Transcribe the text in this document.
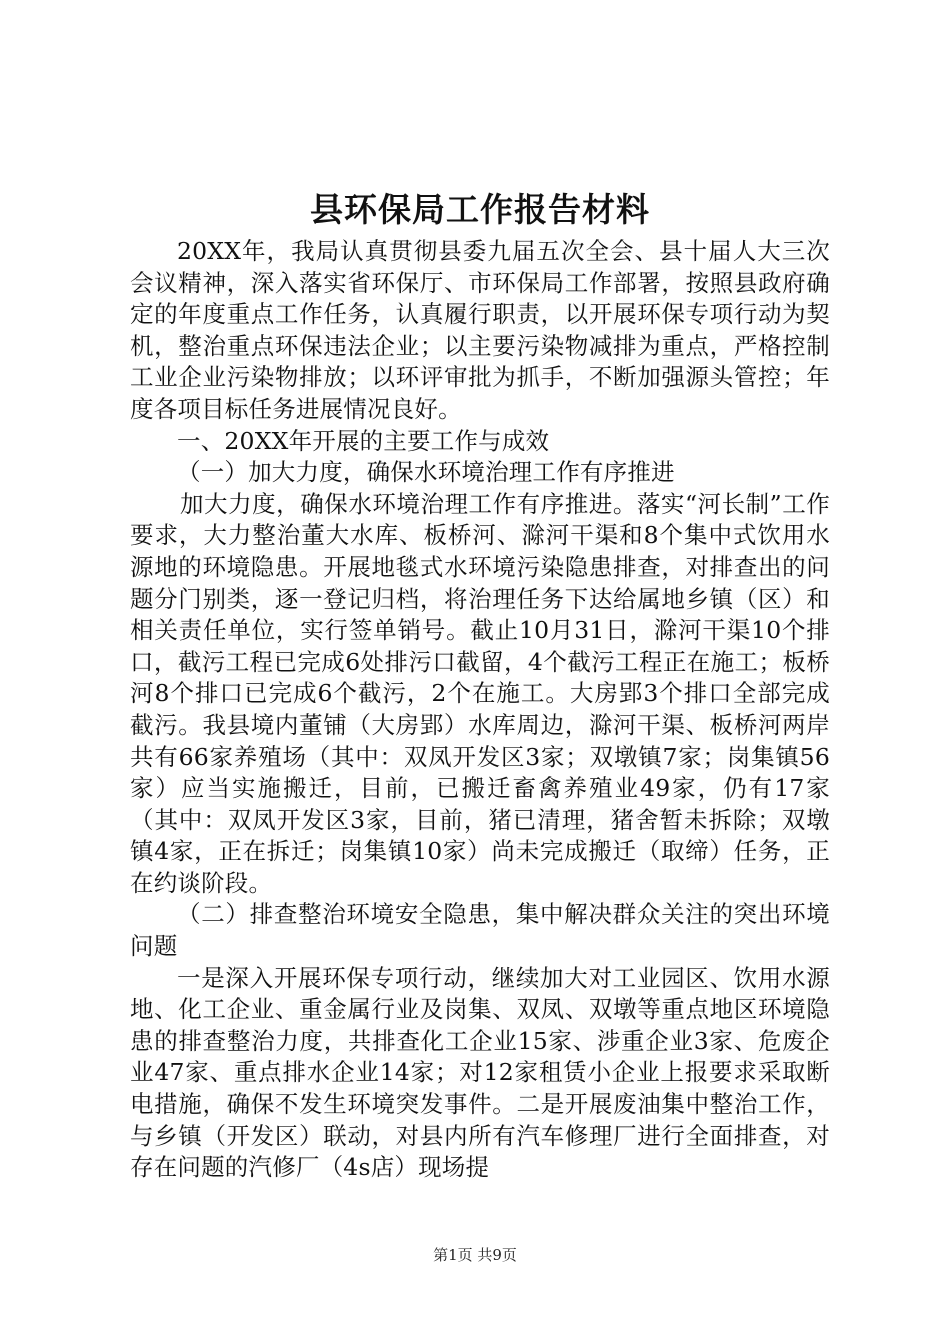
县环保局工作报告材料

20XX年，我局认真贯彻县委九届五次全会、县十届人大三次会议精神，深入落实省环保厅、市环保局工作部署，按照县政府确定的年度重点工作任务，认真履行职责，以开展环保专项行动为契机，整治重点环保违法企业；以主要污染物减排为重点，严格控制工业企业污染物排放；以环评审批为抓手，不断加强源头管控；年度各项目标任务进展情况良好。

一、20XX年开展的主要工作与成效

（一）加大力度，确保水环境治理工作有序推进

加大力度，确保水环境治理工作有序推进。落实“河长制”工作要求，大力整治董大水库、板桥河、滁河干渠和8个集中式饮用水源地的环境隐患。开展地毯式水环境污染隐患排查，对排查出的问题分门别类，逐一登记归档，将治理任务下达给属地乡镇（区）和相关责任单位，实行签单销号。截止10月31日，滁河干渠10个排口，截污工程已完成6处排污口截留，4个截污工程正在施工；板桥河8个排口已完成6个截污，2个在施工。大房郢3个排口全部完成截污。我县境内董铺（大房郢）水库周边，滁河干渠、板桥河两岸共有66家养殖场（其中：双凤开发区3家；双墩镇7家；岗集镇56家）应当实施搬迁，目前，已搬迁畜禽养殖业49家，仍有17家（其中：双凤开发区3家，目前，猪已清理，猪舍暂未拆除；双墩镇4家，正在拆迁；岗集镇10家）尚未完成搬迁（取缔）任务，正在约谈阶段。

（二）排查整治环境安全隐患，集中解决群众关注的突出环境问题

一是深入开展环保专项行动，继续加大对工业园区、饮用水源地、化工企业、重金属行业及岗集、双凤、双墩等重点地区环境隐患的排查整治力度，共排查化工企业15家、涉重企业3家、危废企业47家、重点排水企业14家；对12家租赁小企业上报要求采取断电措施，确保不发生环境突发事件。二是开展废油集中整治工作，与乡镇（开发区）联动，对县内所有汽车修理厂进行全面排查，对存在问题的汽修厂（4s店）现场提

第1页 共9页
